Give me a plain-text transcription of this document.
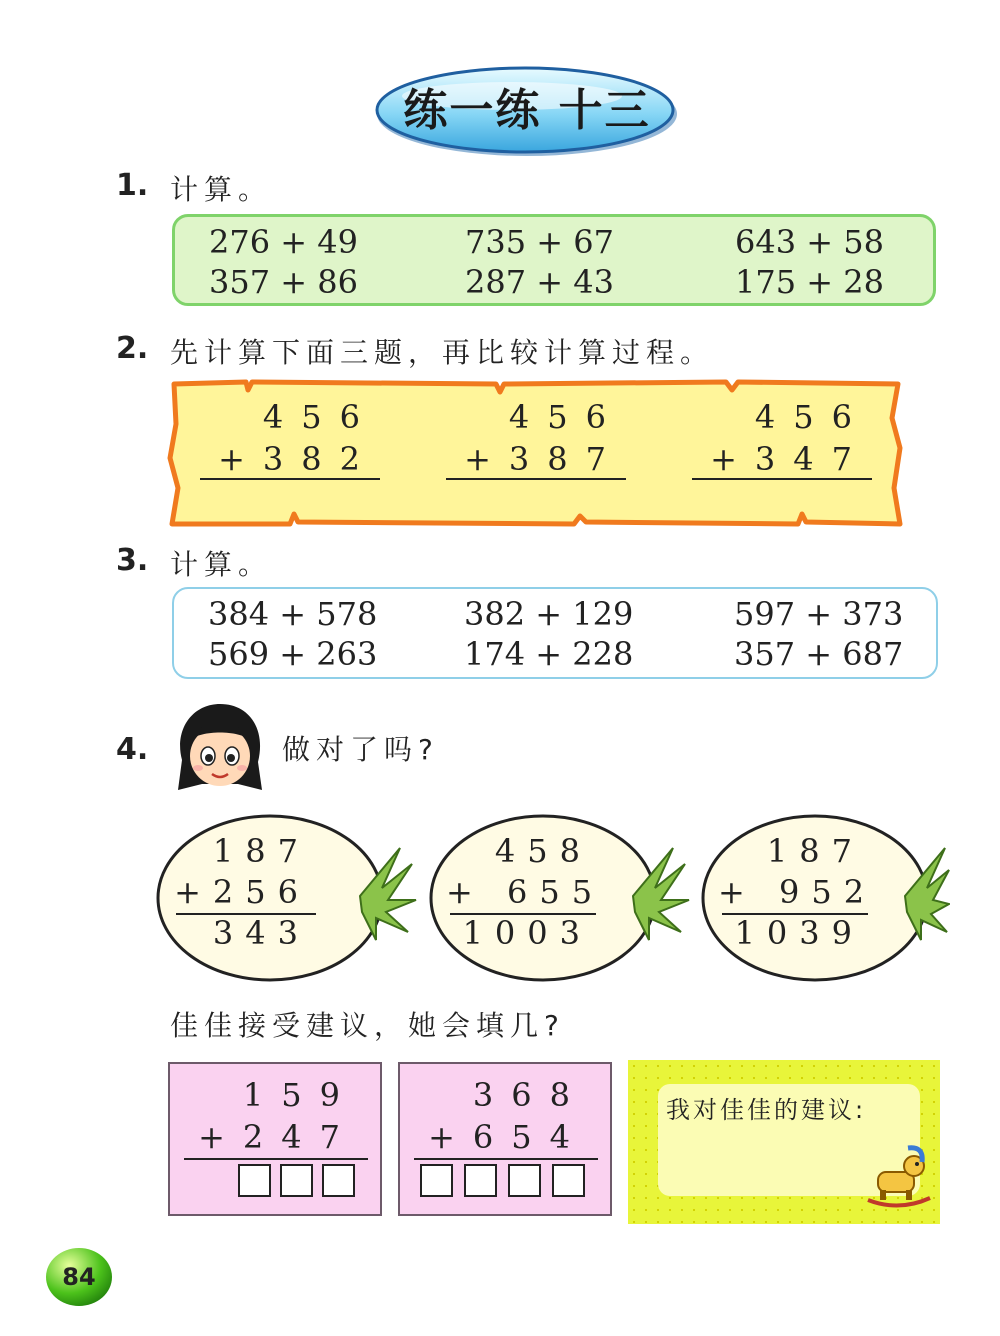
练一练 十三
1. 计算。
276 + 49	735 + 67	643 + 58
357 + 86	287 + 43	175 + 28
2. 先计算下面三题，再比较计算过程。
456
+382
456
+387
456
+347
3. 计算。
384 + 578	382 + 129	597 + 373
569 + 263	174 + 228	357 + 687
4.	做对了吗?
187
+256
343
458
+ 655
1003
187
+ 952
1039
佳佳接受建议，她会填几?
159
+247
368
+654
我对佳佳的建议:
84
